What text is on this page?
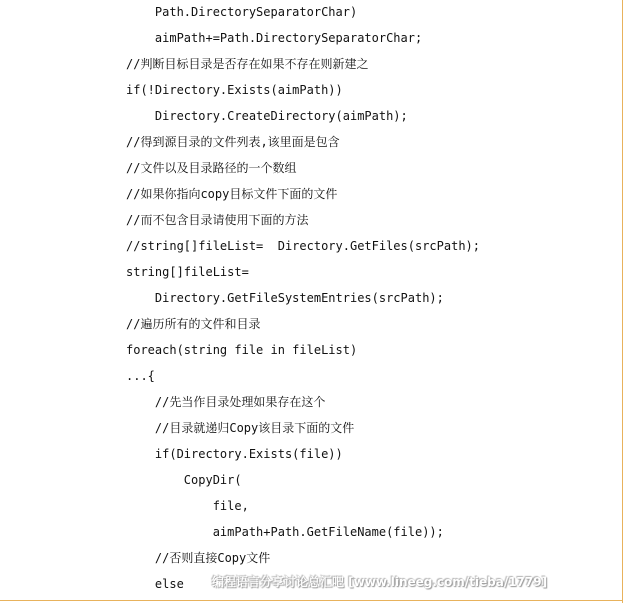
Path.DirectorySeparatorChar)
aimPath+=Path.DirectorySeparatorChar;
//判断目标目录是否存在如果不存在则新建之
if(!Directory.Exists(aimPath))
Directory.CreateDirectory(aimPath);
//得到源目录的文件列表,该里面是包含
//文件以及目录路径的一个数组
//如果你指向copy目标文件下面的文件
//而不包含目录请使用下面的方法
//string[]fileList=  Directory.GetFiles(srcPath);
string[]fileList=
Directory.GetFileSystemEntries(srcPath);
//遍历所有的文件和目录
foreach(string file in fileList)
...{
//先当作目录处理如果存在这个
//目录就递归Copy该目录下面的文件
if(Directory.Exists(file))
CopyDir(
file,
aimPath+Path.GetFileName(file));
//否则直接Copy文件
else 编程语言分享讨论总汇吧 [www.lineeg.com/tieba/1779]
